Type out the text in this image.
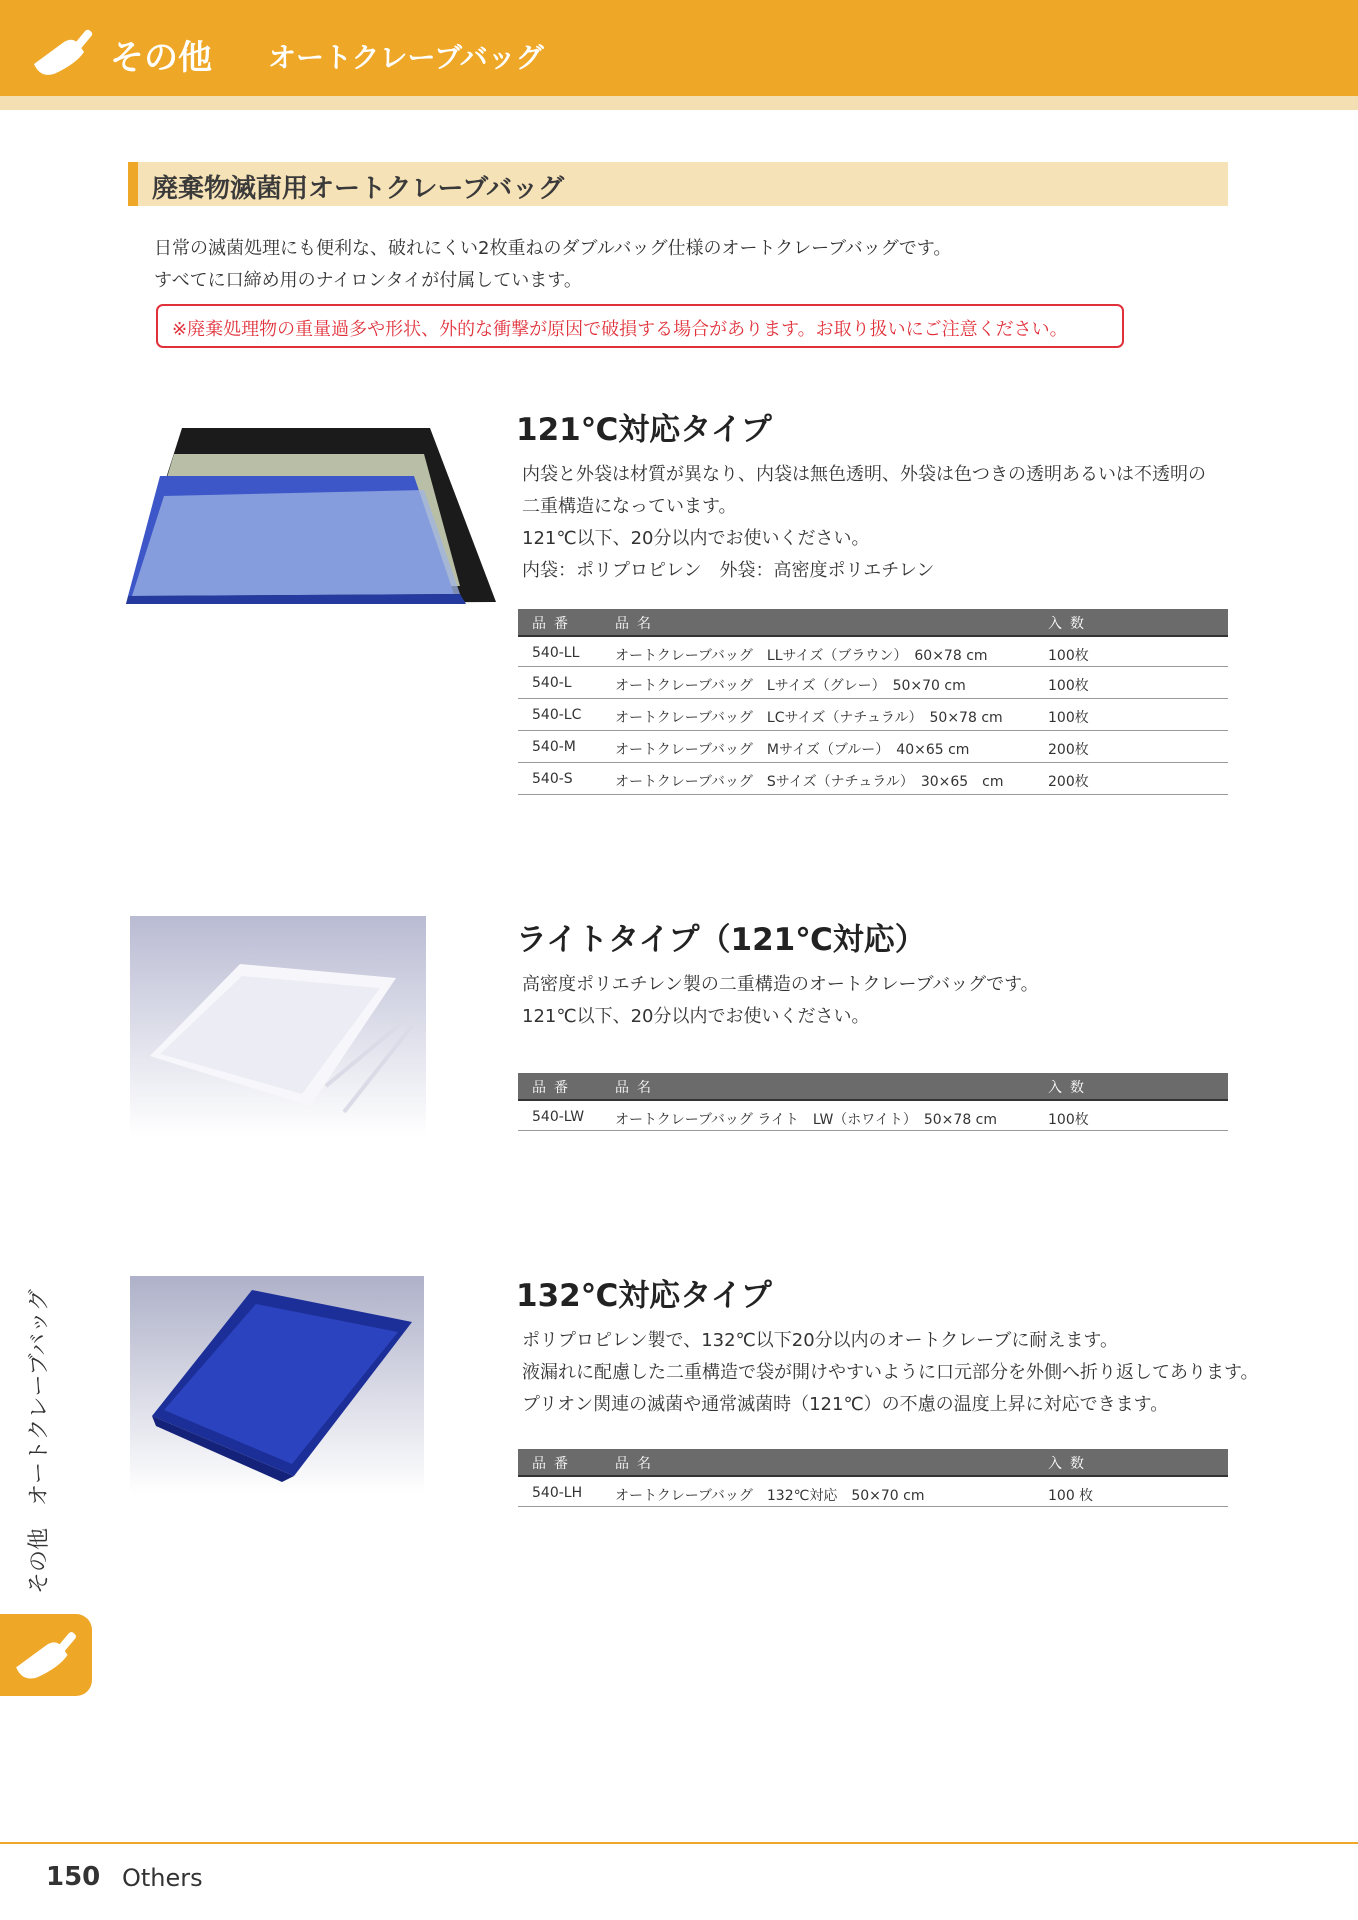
その他 オートクレーブバッグ
廃棄物滅菌用オートクレーブバッグ
日常の滅菌処理にも便利な、破れにくい2枚重ねのダブルバッグ仕様のオートクレーブバッグです。
すべてに口締め用のナイロンタイが付属しています。
※廃棄処理物の重量過多や形状、外的な衝撃が原因で破損する場合があります。お取り扱いにご注意ください。
121℃対応タイプ
内袋と外袋は材質が異なり、内袋は無色透明、外袋は色つきの透明あるいは不透明の
二重構造になっています。
121℃以下、20分以内でお使いください。
内袋：ポリプロピレン　外袋：高密度ポリエチレン
品番	品名	入数
540-LL	オートクレーブバッグ　LLサイズ（ブラウン）　60×78 cm	100枚
540-L	オートクレーブバッグ　Lサイズ（グレー）　50×70 cm	100枚
540-LC オートクレーブバッグ　LCサイズ（ナチュラル）　50×78 cm	100枚
540-M	オートクレーブバッグ　Mサイズ（ブルー）　40×65 cm	200枚
540-S	オートクレーブバッグ　Sサイズ（ナチュラル）　30×65　cm	200枚
ライトタイプ（121℃対応）
高密度ポリエチレン製の二重構造のオートクレーブバッグです。
121℃以下、20分以内でお使いください。
品番	品名	入数
540-LW オートクレーブバッグ ライト　LW（ホワイト）　50×78 cm	100枚
132℃対応タイプ
ポリプロピレン製で、132℃以下20分以内のオートクレーブに耐えます。
液漏れに配慮した二重構造で袋が開けやすいように口元部分を外側へ折り返してあります。
プリオン関連の滅菌や通常滅菌時（121℃）の不慮の温度上昇に対応できます。
品番	品名	入数
540-LH オートクレーブバッグ　132℃対応　50×70 cm	100 枚
その他　オートクレーブバッグ
150 Others
